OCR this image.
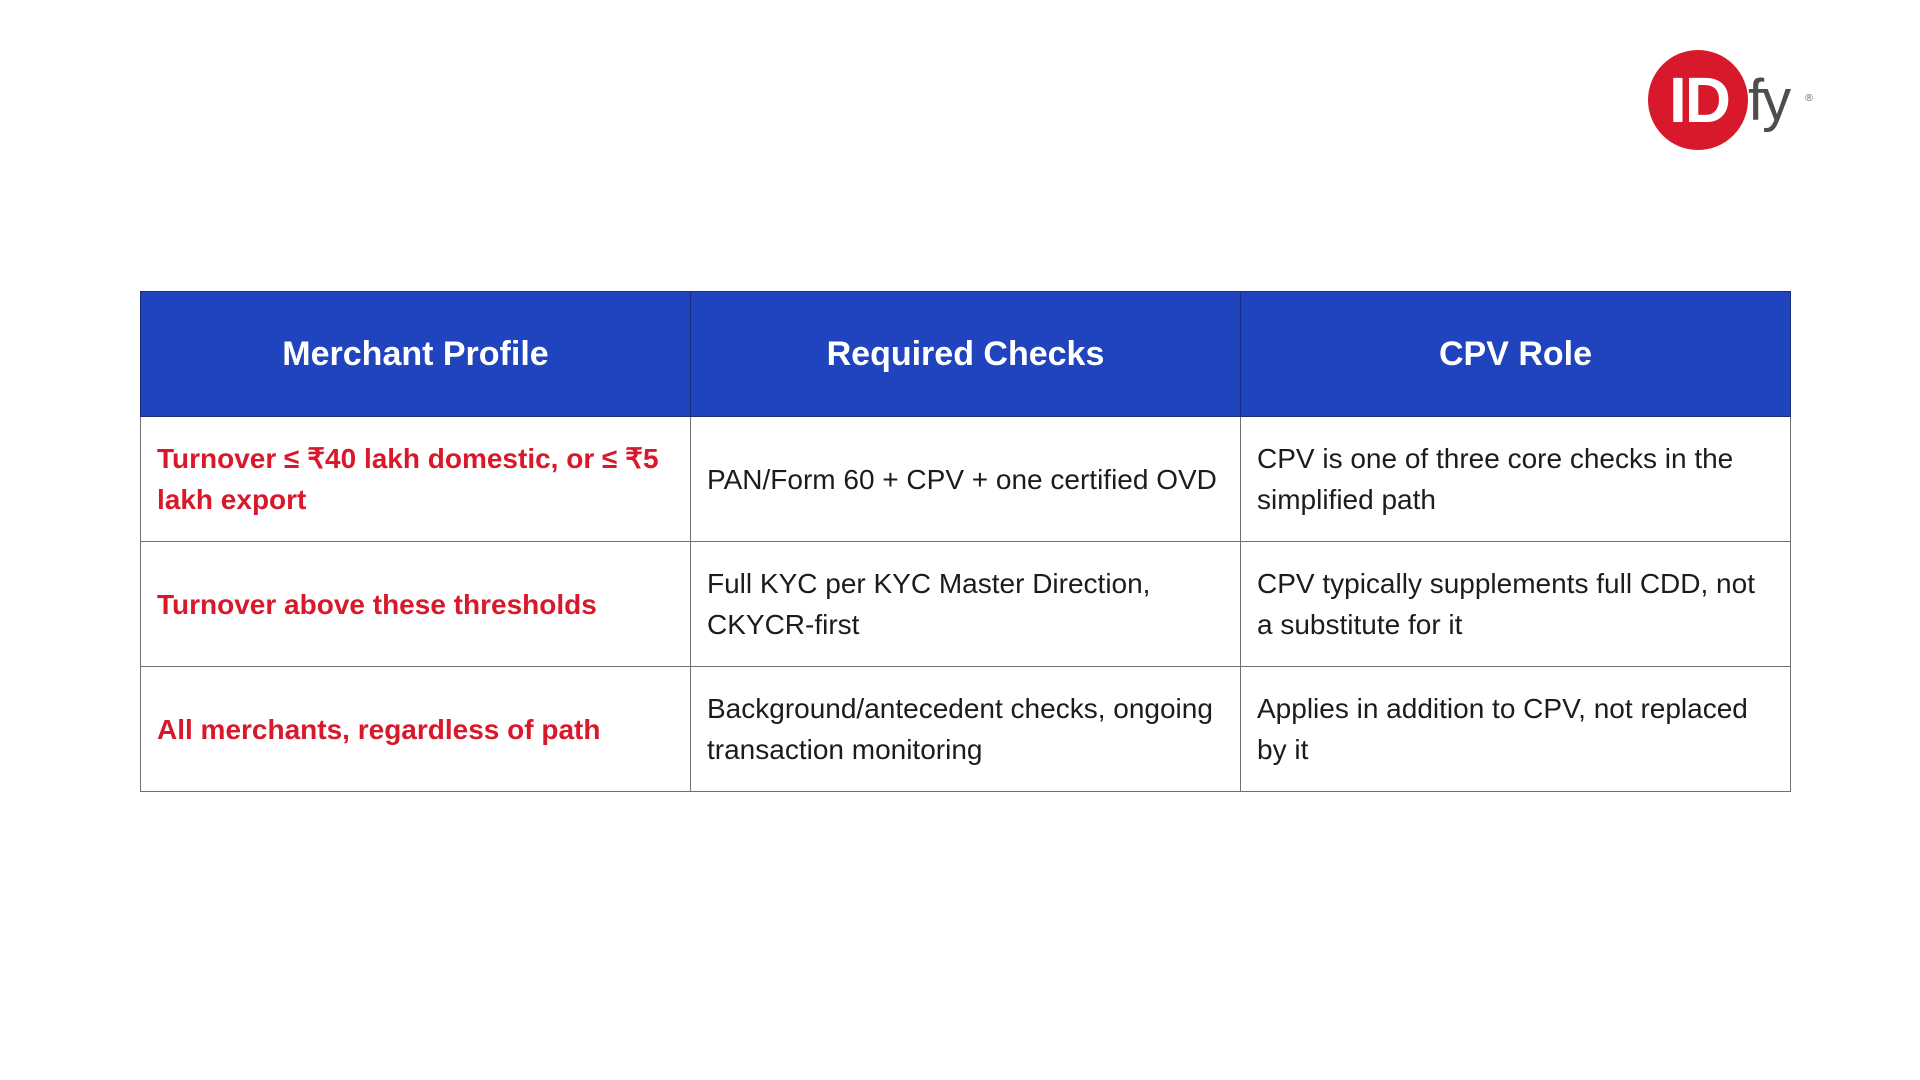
ID fy ®
Merchant Profile	Required Checks	CPV Role
Turnover ≤ ₹40 lakh domestic, or ≤ ₹5 lakh export	PAN/Form 60 + CPV + one certified OVD	CPV is one of three core checks in the simplified path
Turnover above these thresholds	Full KYC per KYC Master Direction, CKYCR-first	CPV typically supplements full CDD, not a substitute for it
All merchants, regardless of path	Background/antecedent checks, ongoing transaction monitoring	Applies in addition to CPV, not replaced by it
